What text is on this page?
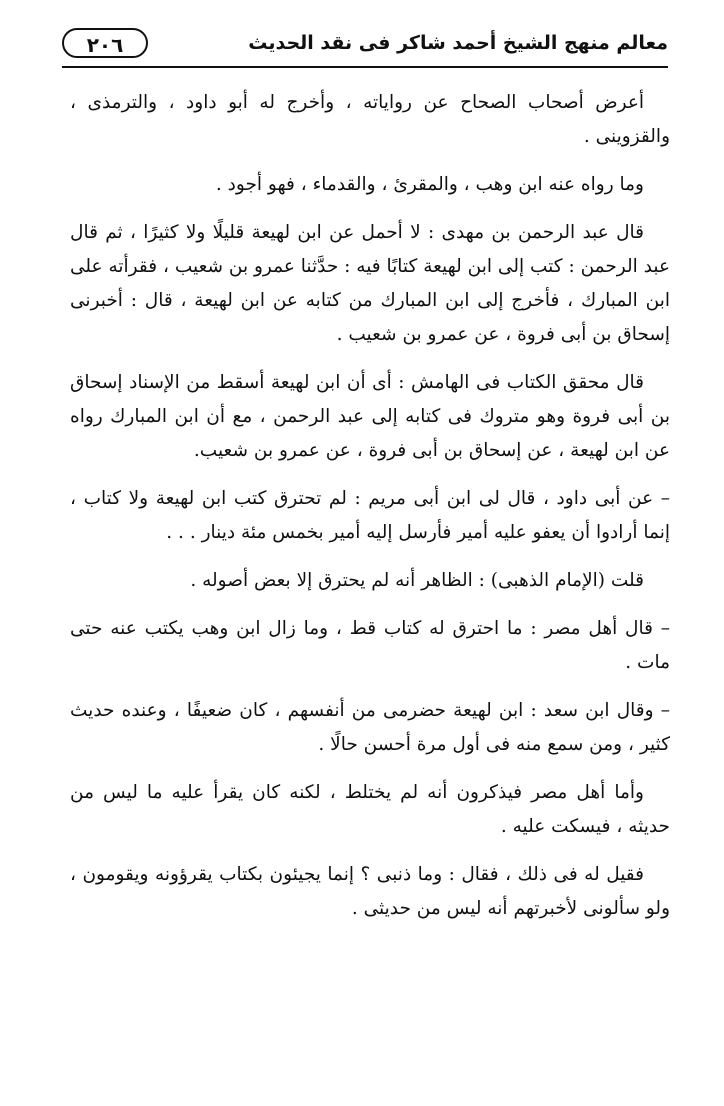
معالم منهج الشيخ أحمد شاكر فى نقد الحديث
٢٠٦

أعرض أصحاب الصحاح عن رواياته ، وأخرج له أبو داود ، والترمذى ، والقزوينى .

وما رواه عنه ابن وهب ، والمقرئ ، والقدماء ، فهو أجود .

قال عبد الرحمن بن مهدى : لا أحمل عن ابن لهيعة قليلًا ولا كثيرًا ، ثم قال عبد الرحمن : كتب إلى ابن لهيعة كتابًا فيه : حدَّثنا عمرو بن شعيب ، فقرأته على ابن المبارك ، فأخرج إلى ابن المبارك من كتابه عن ابن لهيعة ، قال : أخبرنى إسحاق بن أبى فروة ، عن عمرو بن شعيب .

قال محقق الكتاب فى الهامش : أى أن ابن لهيعة أسقط من الإسناد إسحاق بن أبى فروة وهو متروك فى كتابه إلى عبد الرحمن ، مع أن ابن المبارك رواه عن ابن لهيعة ، عن إسحاق بن أبى فروة ، عن عمرو بن شعيب.

– عن أبى داود ، قال لى ابن أبى مريم : لم تحترق كتب ابن لهيعة ولا كتاب ، إنما أرادوا أن يعفو عليه أمير فأرسل إليه أمير بخمس مئة دينار . . .

قلت (الإمام الذهبى) : الظاهر أنه لم يحترق إلا بعض أصوله .

– قال أهل مصر : ما احترق له كتاب قط ، وما زال ابن وهب يكتب عنه حتى مات .

– وقال ابن سعد : ابن لهيعة حضرمى من أنفسهم ، كان ضعيفًا ، وعنده حديث كثير ، ومن سمع منه فى أول مرة أحسن حالًا .

وأما أهل مصر فيذكرون أنه لم يختلط ، لكنه كان يقرأ عليه ما ليس من حديثه ، فيسكت عليه .

فقيل له فى ذلك ، فقال : وما ذنبى ؟ إنما يجيئون بكتاب يقرؤونه ويقومون ، ولو سألونى لأخبرتهم أنه ليس من حديثى .
